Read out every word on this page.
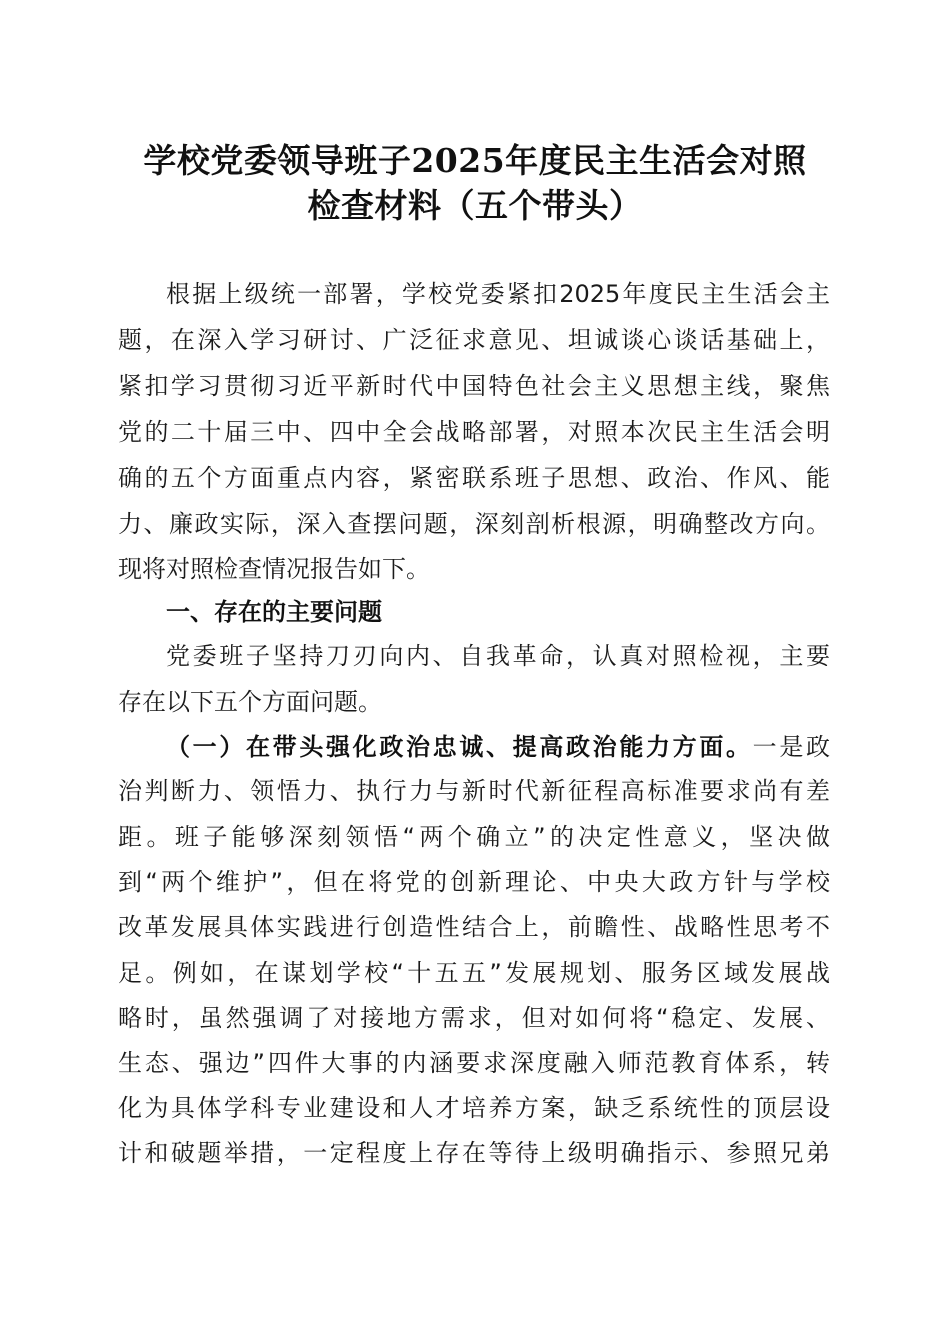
学校党委领导班子2025年度民主生活会对照
检查材料（五个带头）
根据上级统一部署，学校党委紧扣2025年度民主生活会主
题，在深入学习研讨、广泛征求意见、坦诚谈心谈话基础上，
紧扣学习贯彻习近平新时代中国特色社会主义思想主线，聚焦
党的二十届三中、四中全会战略部署，对照本次民主生活会明
确的五个方面重点内容，紧密联系班子思想、政治、作风、能
力、廉政实际，深入查摆问题，深刻剖析根源，明确整改方向。
现将对照检查情况报告如下。
一、存在的主要问题
党委班子坚持刀刃向内、自我革命，认真对照检视，主要
存在以下五个方面问题。
（一）在带头强化政治忠诚、提高政治能力方面。一是政
治判断力、领悟力、执行力与新时代新征程高标准要求尚有差
距。班子能够深刻领悟“两个确立”的决定性意义，坚决做
到“两个维护”，但在将党的创新理论、中央大政方针与学校
改革发展具体实践进行创造性结合上，前瞻性、战略性思考不
足。例如，在谋划学校“十五五”发展规划、服务区域发展战
略时，虽然强调了对接地方需求，但对如何将“稳定、发展、
生态、强边”四件大事的内涵要求深度融入师范教育体系，转
化为具体学科专业建设和人才培养方案，缺乏系统性的顶层设
计和破题举措，一定程度上存在等待上级明确指示、参照兄弟
